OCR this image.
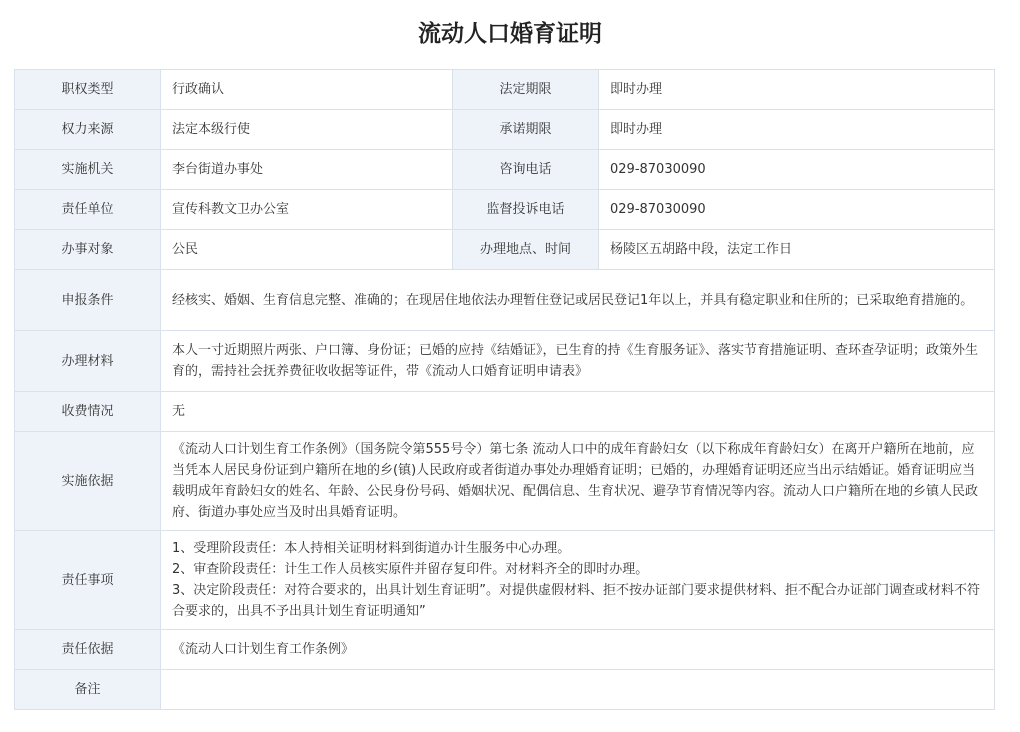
流动人口婚育证明
职权类型	行政确认	法定期限	即时办理
权力来源	法定本级行使	承诺期限	即时办理
实施机关	李台街道办事处	咨询电话	029-87030090
责任单位	宣传科教文卫办公室	监督投诉电话	029-87030090
办事对象	公民	办理地点、时间	杨陵区五胡路中段，法定工作日
申报条件	经核实、婚姻、生育信息完整、准确的；在现居住地依法办理暂住登记或居民登记1年以上，并具有稳定职业和住所的；已采取绝育措施的。		
办理材料	本人一寸近期照片两张、户口簿、身份证；已婚的应持《结婚证》，已生育的持《生育服务证》、落实节育措施证明、查环查孕证明；政策外生育的，需持社会抚养费征收收据等证件，带《流动人口婚育证明申请表》		
收费情况	无		
实施依据	《流动人口计划生育工作条例》（国务院令第555号令）第七条 流动人口中的成年育龄妇女（以下称成年育龄妇女）在离开户籍所在地前，应当凭本人居民身份证到户籍所在地的乡(镇)人民政府或者街道办事处办理婚育证明；已婚的，办理婚育证明还应当出示结婚证。婚育证明应当载明成年育龄妇女的姓名、年龄、公民身份号码、婚姻状况、配偶信息、生育状况、避孕节育情况等内容。流动人口户籍所在地的乡镇人民政府、街道办事处应当及时出具婚育证明。		
责任事项	1、受理阶段责任：本人持相关证明材料到街道办计生服务中心办理。
2、审查阶段责任：计生工作人员核实原件并留存复印件。对材料齐全的即时办理。
3、决定阶段责任：对符合要求的，出具计划生育证明”。对提供虚假材料、拒不按办证部门要求提供材料、拒不配合办证部门调查或材料不符合要求的，出具不予出具计划生育证明通知”		

责任依据	《流动人口计划生育工作条例》		
备注			
